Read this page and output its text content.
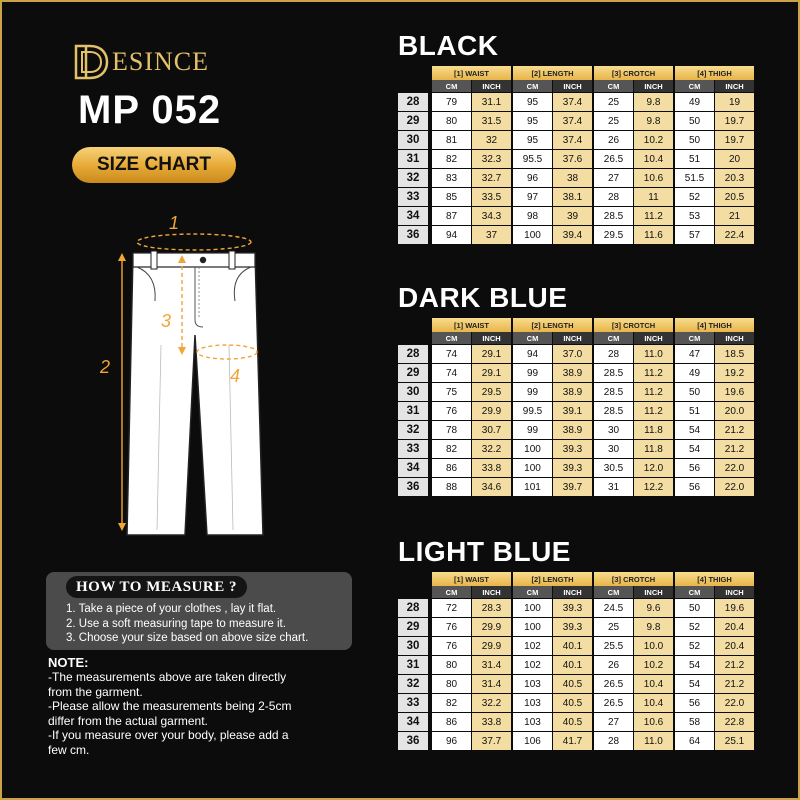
ESINCE
MP 052
SIZE CHART
1
2
3
4
HOW TO MEASURE ?
1. Take a piece of your clothes , lay it flat.
2. Use a soft measuring tape to measure it.
3. Choose your size based on above size chart.
NOTE:

-The measurements above are taken directly

from the garment.

-Please allow the measurements being 2-5cm

differ from the actual garment.

-If you measure over your body, please add a

few cm.

BLACK
[1] WAIST	[2] LENGTH	[3] CROTCH	[4] THIGH
CM	INCH	CM	INCH	CM	INCH	CM	INCH
28	79	31.1	95	37.4	25	9.8	49	19
29	80	31.5	95	37.4	25	9.8	50	19.7
30	81	32	95	37.4	26	10.2	50	19.7
31	82	32.3	95.5	37.6	26.5	10.4	51	20
32	83	32.7	96	38	27	10.6	51.5	20.3
33	85	33.5	97	38.1	28	11	52	20.5
34	87	34.3	98	39	28.5	11.2	53	21
36	94	37	100	39.4	29.5	11.6	57	22.4
DARK BLUE
[1] WAIST	[2] LENGTH	[3] CROTCH	[4] THIGH
CM	INCH	CM	INCH	CM	INCH	CM	INCH
28	74	29.1	94	37.0	28	11.0	47	18.5
29	74	29.1	99	38.9	28.5	11.2	49	19.2
30	75	29.5	99	38.9	28.5	11.2	50	19.6
31	76	29.9	99.5	39.1	28.5	11.2	51	20.0
32	78	30.7	99	38.9	30	11.8	54	21.2
33	82	32.2	100	39.3	30	11.8	54	21.2
34	86	33.8	100	39.3	30.5	12.0	56	22.0
36	88	34.6	101	39.7	31	12.2	56	22.0
LIGHT BLUE
[1] WAIST	[2] LENGTH	[3] CROTCH	[4] THIGH
CM	INCH	CM	INCH	CM	INCH	CM	INCH
28	72	28.3	100	39.3	24.5	9.6	50	19.6
29	76	29.9	100	39.3	25	9.8	52	20.4
30	76	29.9	102	40.1	25.5	10.0	52	20.4
31	80	31.4	102	40.1	26	10.2	54	21.2
32	80	31.4	103	40.5	26.5	10.4	54	21.2
33	82	32.2	103	40.5	26.5	10.4	56	22.0
34	86	33.8	103	40.5	27	10.6	58	22.8
36	96	37.7	106	41.7	28	11.0	64	25.1
